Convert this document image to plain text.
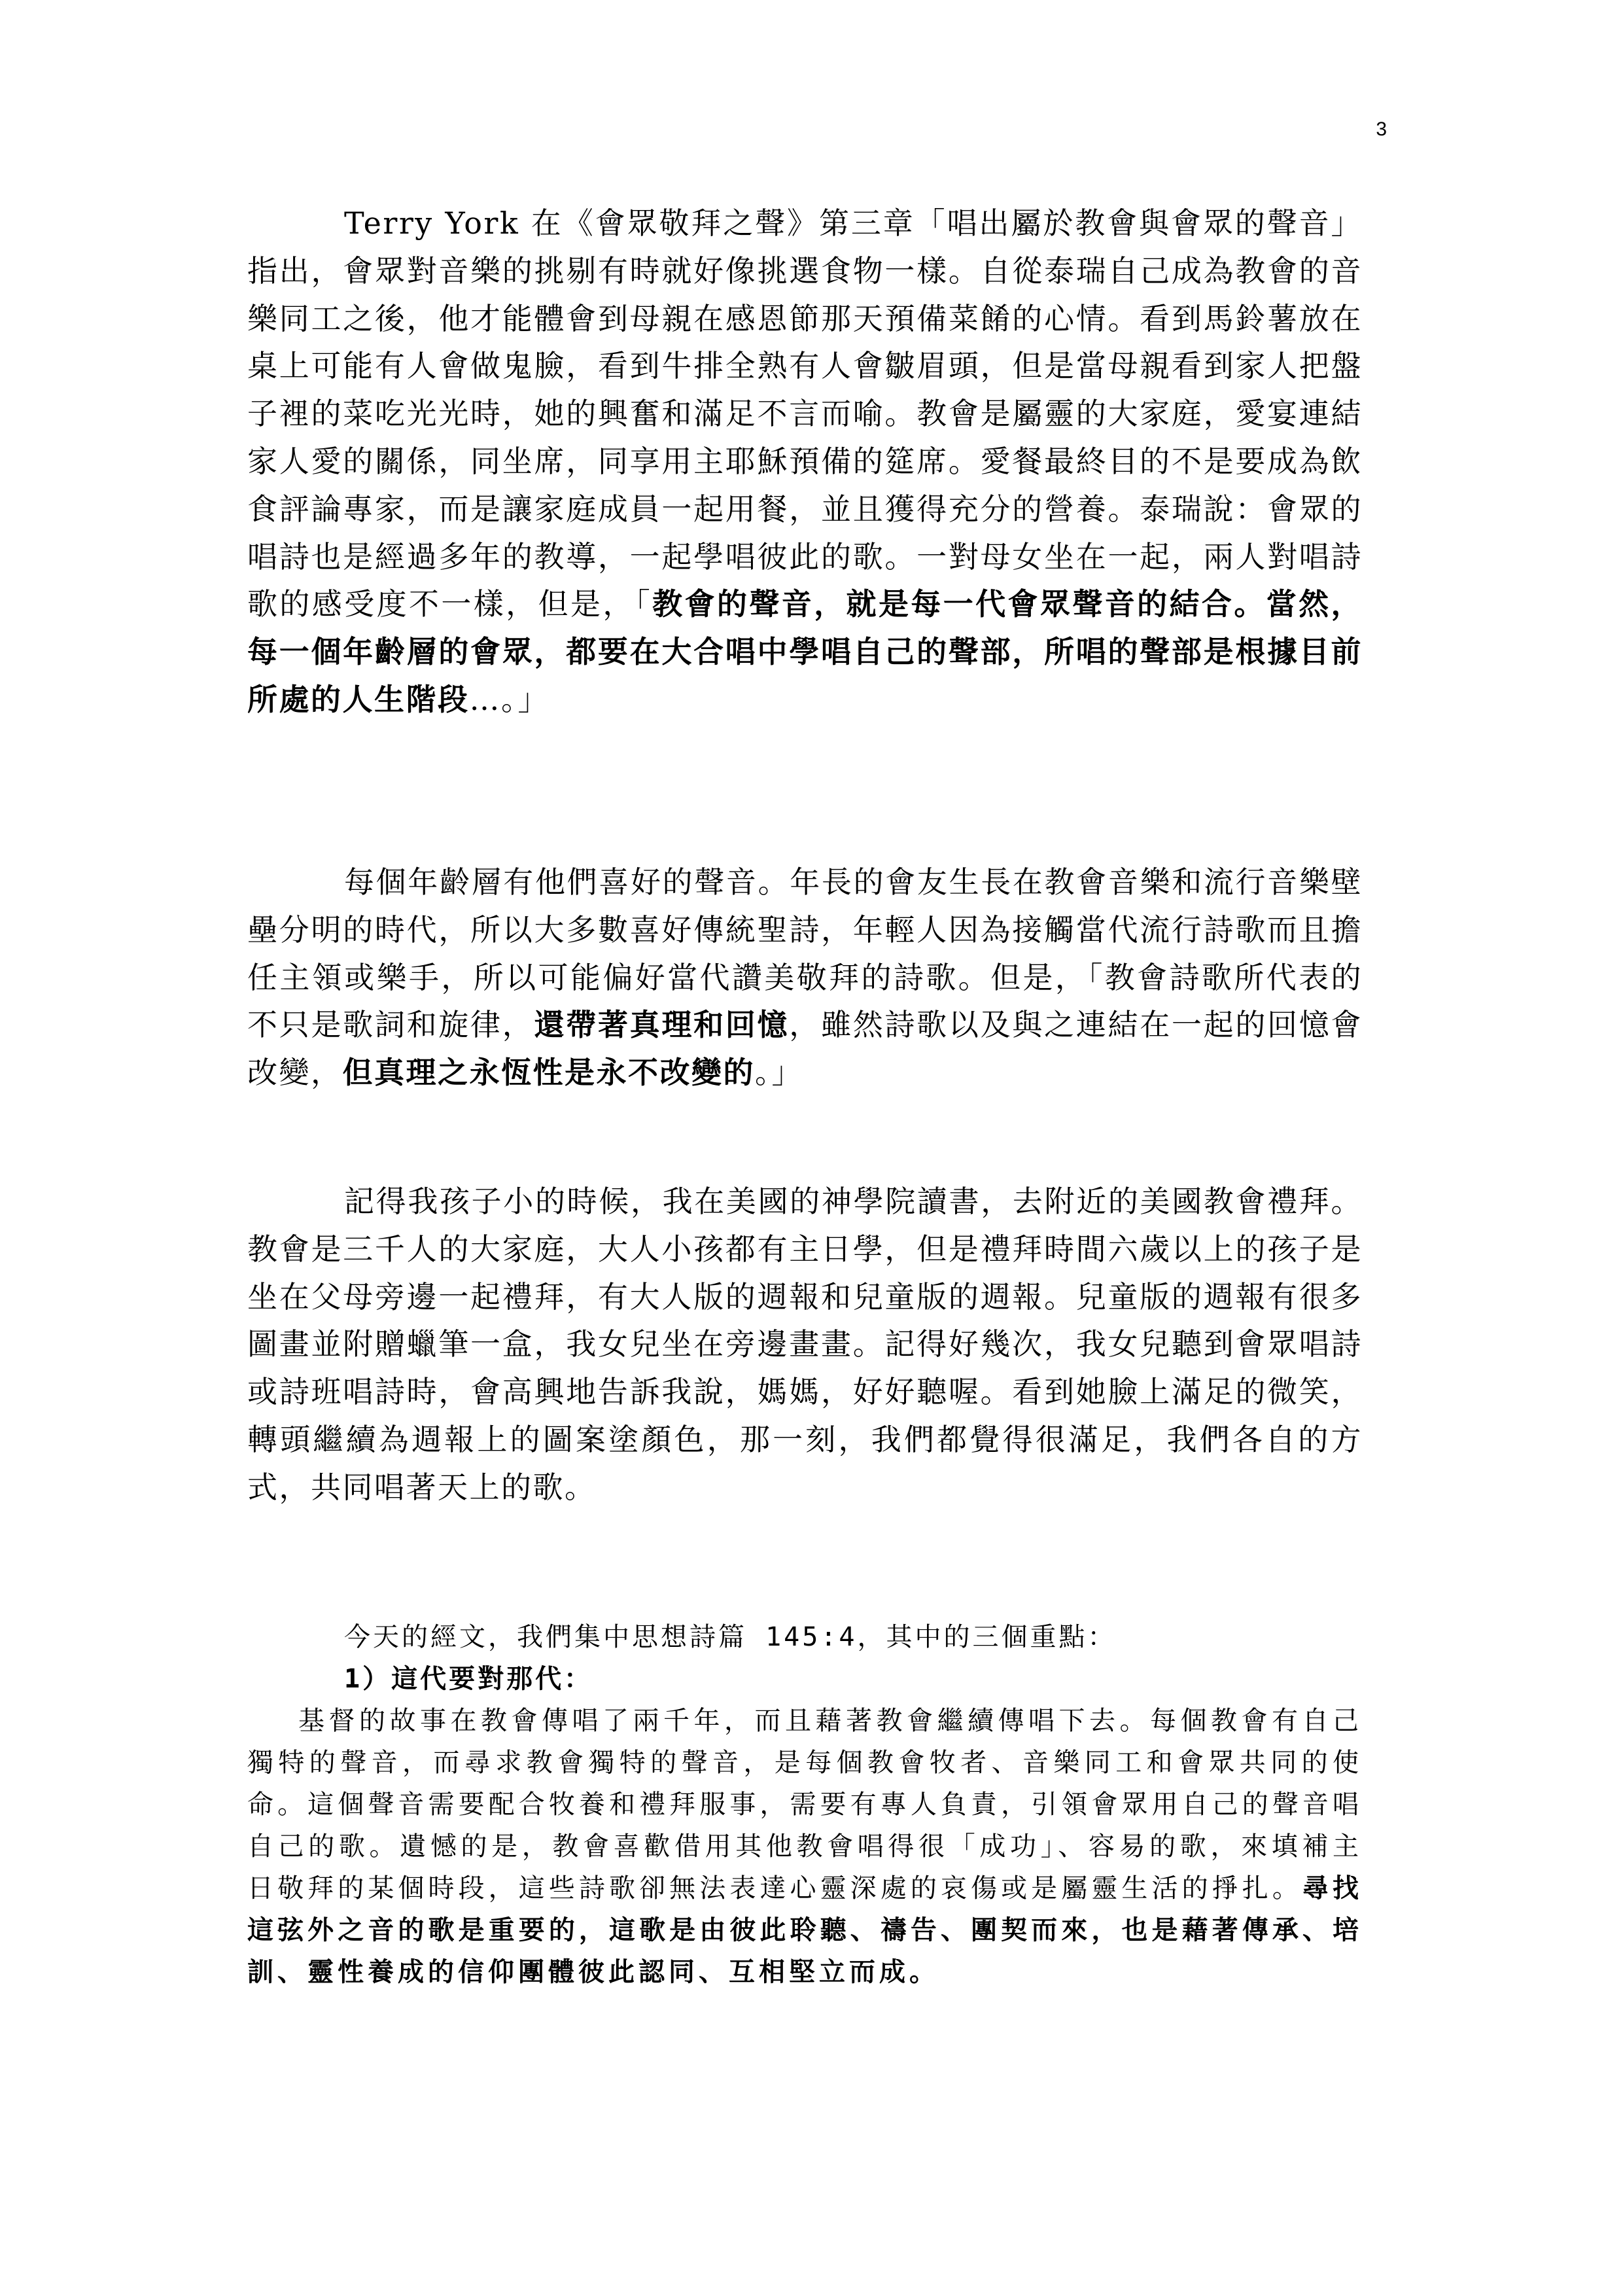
3

Terry York 在《會眾敬拜之聲》第三章「唱出屬於教會與會眾的聲音」指出，會眾對音樂的挑剔有時就好像挑選食物一樣。自從泰瑞自己成為教會的音樂同工之後，他才能體會到母親在感恩節那天預備菜餚的心情。看到馬鈴薯放在桌上可能有人會做鬼臉，看到牛排全熟有人會皺眉頭，但是當母親看到家人把盤子裡的菜吃光光時，她的興奮和滿足不言而喻。教會是屬靈的大家庭，愛宴連結家人愛的關係，同坐席，同享用主耶穌預備的筵席。愛餐最終目的不是要成為飲食評論專家，而是讓家庭成員一起用餐，並且獲得充分的營養。泰瑞說：會眾的唱詩也是經過多年的教導，一起學唱彼此的歌。一對母女坐在一起，兩人對唱詩歌的感受度不一樣，但是，「教會的聲音，就是每一代會眾聲音的結合。當然，每一個年齡層的會眾，都要在大合唱中學唱自己的聲部，所唱的聲部是根據目前所處的人生階段…。」

每個年齡層有他們喜好的聲音。年長的會友生長在教會音樂和流行音樂壁壘分明的時代，所以大多數喜好傳統聖詩，年輕人因為接觸當代流行詩歌而且擔任主領或樂手，所以可能偏好當代讚美敬拜的詩歌。但是，「教會詩歌所代表的不只是歌詞和旋律，還帶著真理和回憶，雖然詩歌以及與之連結在一起的回憶會改變，但真理之永恆性是永不改變的。」

記得我孩子小的時候，我在美國的神學院讀書，去附近的美國教會禮拜。教會是三千人的大家庭，大人小孩都有主日學，但是禮拜時間六歲以上的孩子是坐在父母旁邊一起禮拜，有大人版的週報和兒童版的週報。兒童版的週報有很多圖畫並附贈蠟筆一盒，我女兒坐在旁邊畫畫。記得好幾次，我女兒聽到會眾唱詩或詩班唱詩時，會高興地告訴我說，媽媽，好好聽喔。看到她臉上滿足的微笑，轉頭繼續為週報上的圖案塗顏色，那一刻，我們都覺得很滿足，我們各自的方式，共同唱著天上的歌。

今天的經文，我們集中思想詩篇 145:4，其中的三個重點：

1）這代要對那代：

基督的故事在教會傳唱了兩千年，而且藉著教會繼續傳唱下去。每個教會有自己獨特的聲音，而尋求教會獨特的聲音，是每個教會牧者、音樂同工和會眾共同的使命。這個聲音需要配合牧養和禮拜服事，需要有專人負責，引領會眾用自己的聲音唱自己的歌。遺憾的是，教會喜歡借用其他教會唱得很「成功」、容易的歌，來填補主日敬拜的某個時段，這些詩歌卻無法表達心靈深處的哀傷或是屬靈生活的掙扎。尋找這弦外之音的歌是重要的，這歌是由彼此聆聽、禱告、團契而來，也是藉著傳承、培訓、靈性養成的信仰團體彼此認同、互相堅立而成。
